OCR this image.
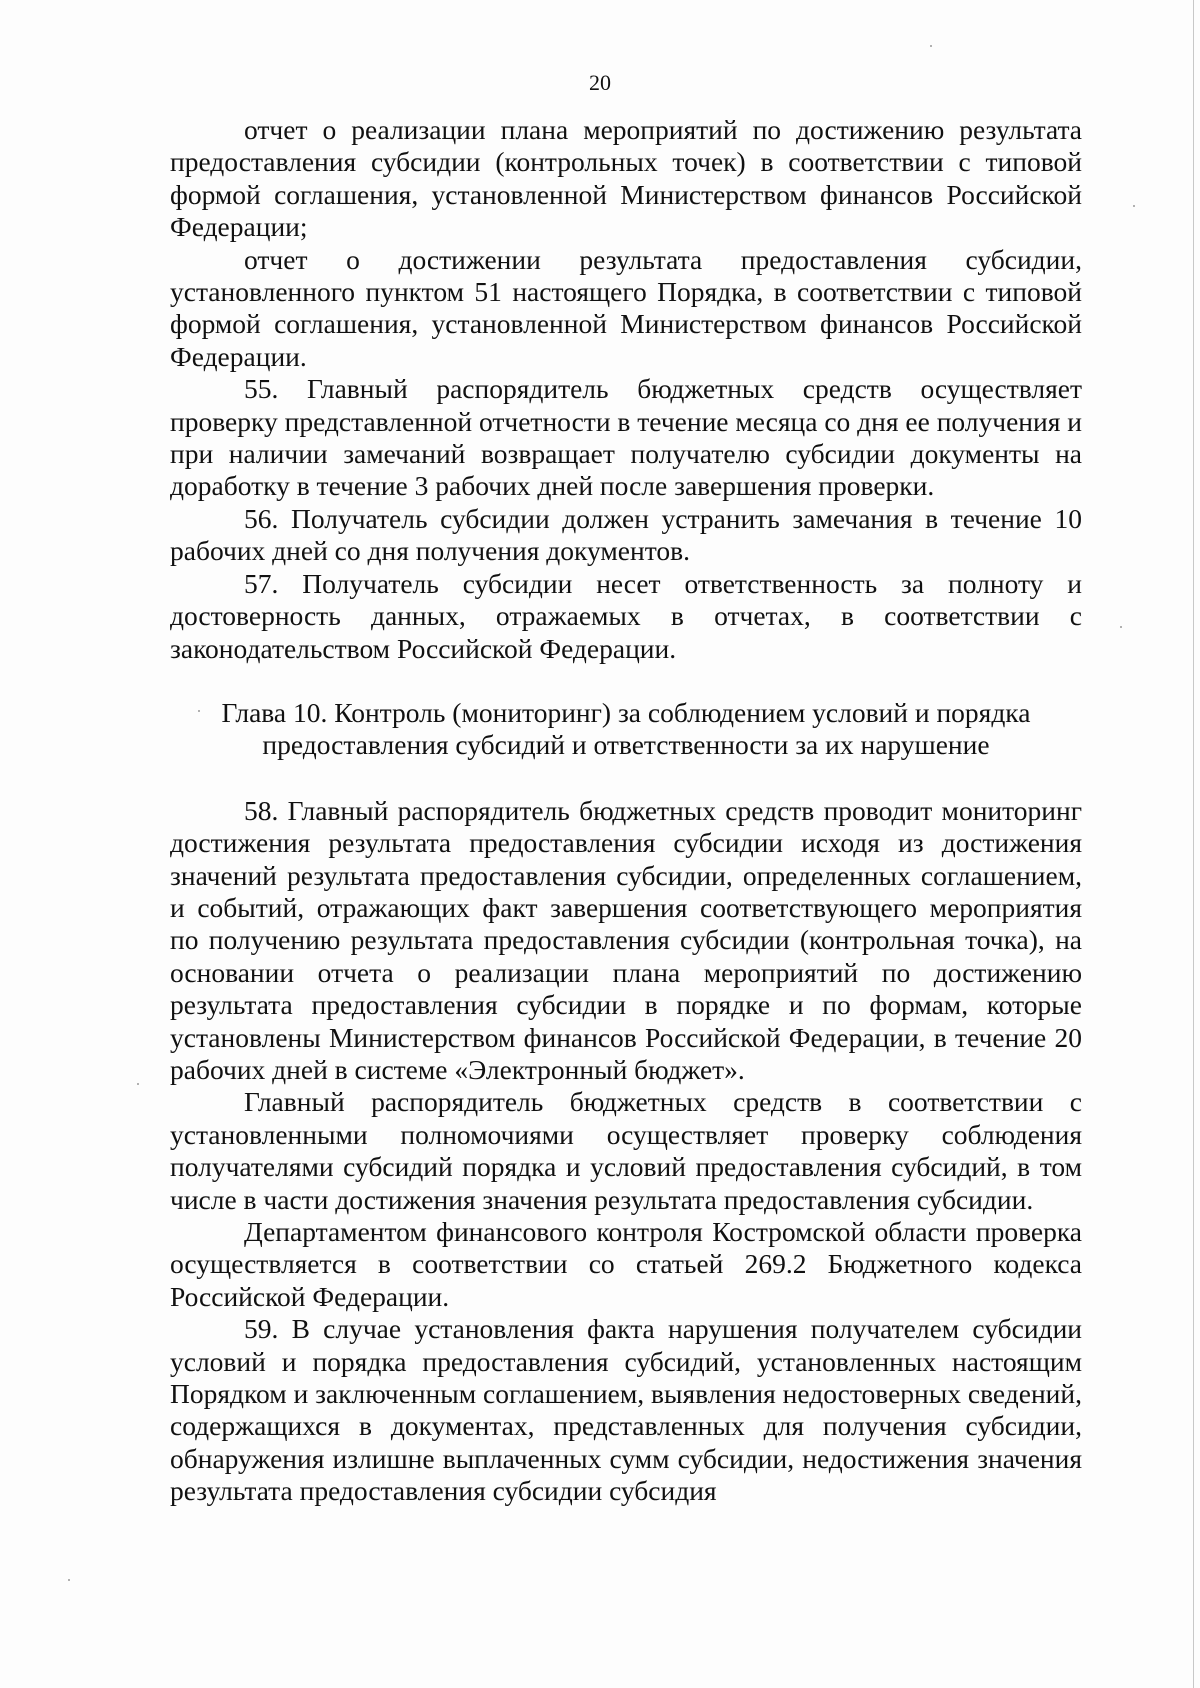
20

отчет о реализации плана мероприятий по достижению результата предоставления субсидии (контрольных точек) в соответствии с типовой формой соглашения, установленной Министерством финансов Российской Федерации;

отчет о достижении результата предоставления субсидии, установленного пунктом 51 настоящего Порядка, в соответствии с типовой формой соглашения, установленной Министерством финансов Российской Федерации.

55. Главный распорядитель бюджетных средств осуществляет проверку представленной отчетности в течение месяца со дня ее получения и при наличии замечаний возвращает получателю субсидии документы на доработку в течение 3 рабочих дней после завершения проверки.

56. Получатель субсидии должен устранить замечания в течение 10 рабочих дней со дня получения документов.

57. Получатель субсидии несет ответственность за полноту и достоверность данных, отражаемых в отчетах, в соответствии с законодательством Российской Федерации.

Глава 10. Контроль (мониторинг) за соблюдением условий и порядка
предоставления субсидий и ответственности за их нарушение

58. Главный распорядитель бюджетных средств проводит мониторинг достижения результата предоставления субсидии исходя из достижения значений результата предоставления субсидии, определенных соглашением, и событий, отражающих факт завершения соответствующего мероприятия по получению результата предоставления субсидии (контрольная точка), на основании отчета о реализации плана мероприятий по достижению результата предоставления субсидии в порядке и по формам, которые установлены Министерством финансов Российской Федерации, в течение 20 рабочих дней в системе «Электронный бюджет».

Главный распорядитель бюджетных средств в соответствии с установленными полномочиями осуществляет проверку соблюдения получателями субсидий порядка и условий предоставления субсидий, в том числе в части достижения значения результата предоставления субсидии.

Департаментом финансового контроля Костромской области проверка осуществляется в соответствии со статьей 269.2 Бюджетного кодекса Российской Федерации.

59. В случае установления факта нарушения получателем субсидии условий и порядка предоставления субсидий, установленных настоящим Порядком и заключенным соглашением, выявления недостоверных сведений, содержащихся в документах, представленных для получения субсидии, обнаружения излишне выплаченных сумм субсидии, недостижения значения результата предоставления субсидии субсидия
